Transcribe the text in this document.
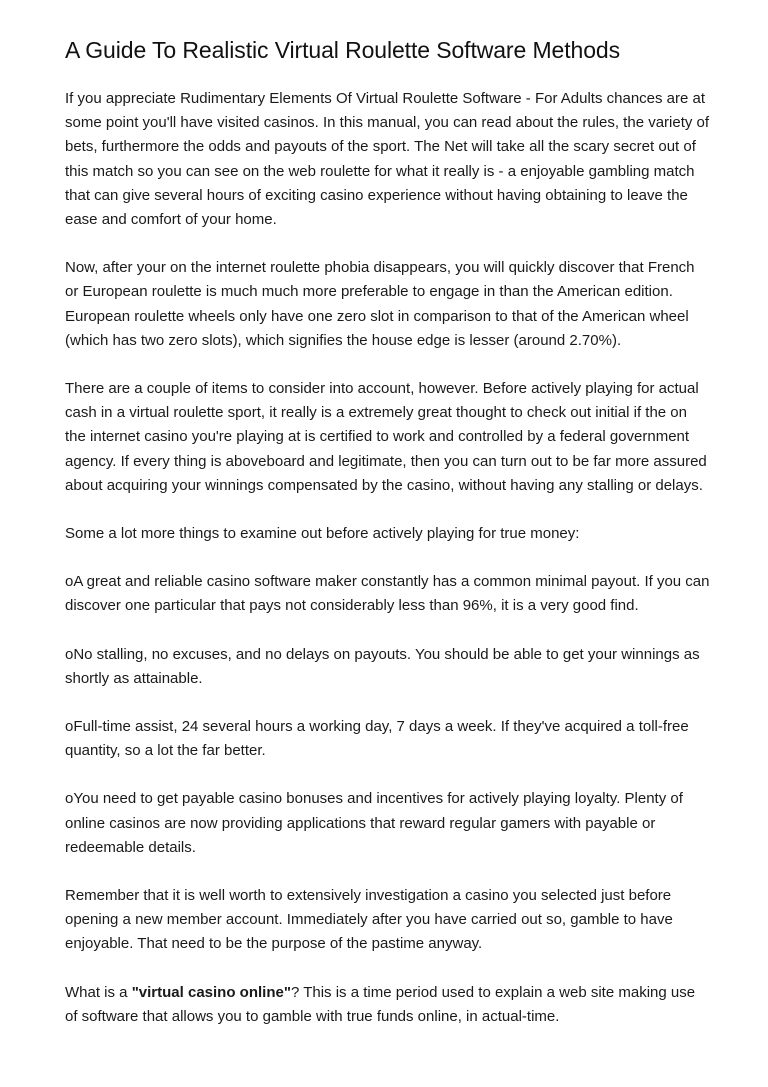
A Guide To Realistic Virtual Roulette Software Methods

If you appreciate Rudimentary Elements Of Virtual Roulette Software - For Adults chances are at some point you'll have visited casinos. In this manual, you can read about the rules, the variety of bets, furthermore the odds and payouts of the sport. The Net will take all the scary secret out of this match so you can see on the web roulette for what it really is - a enjoyable gambling match that can give several hours of exciting casino experience without having obtaining to leave the ease and comfort of your home.

Now, after your on the internet roulette phobia disappears, you will quickly discover that French or European roulette is much much more preferable to engage in than the American edition. European roulette wheels only have one zero slot in comparison to that of the American wheel (which has two zero slots), which signifies the house edge is lesser (around 2.70%).

There are a couple of items to consider into account, however. Before actively playing for actual cash in a virtual roulette sport, it really is a extremely great thought to check out initial if the on the internet casino you're playing at is certified to work and controlled by a federal government agency. If every thing is aboveboard and legitimate, then you can turn out to be far more assured about acquiring your winnings compensated by the casino, without having any stalling or delays.

Some a lot more things to examine out before actively playing for true money:

oA great and reliable casino software maker constantly has a common minimal payout. If you can discover one particular that pays not considerably less than 96%, it is a very good find.

oNo stalling, no excuses, and no delays on payouts. You should be able to get your winnings as shortly as attainable.

oFull-time assist, 24 several hours a working day, 7 days a week. If they've acquired a toll-free quantity, so a lot the far better.

oYou need to get payable casino bonuses and incentives for actively playing loyalty. Plenty of online casinos are now providing applications that reward regular gamers with payable or redeemable details.

Remember that it is well worth to extensively investigation a casino you selected just before opening a new member account. Immediately after you have carried out so, gamble to have enjoyable. That need to be the purpose of the pastime anyway.

What is a "virtual casino online"? This is a time period used to explain a web site making use of software that allows you to gamble with true funds online, in actual-time.
